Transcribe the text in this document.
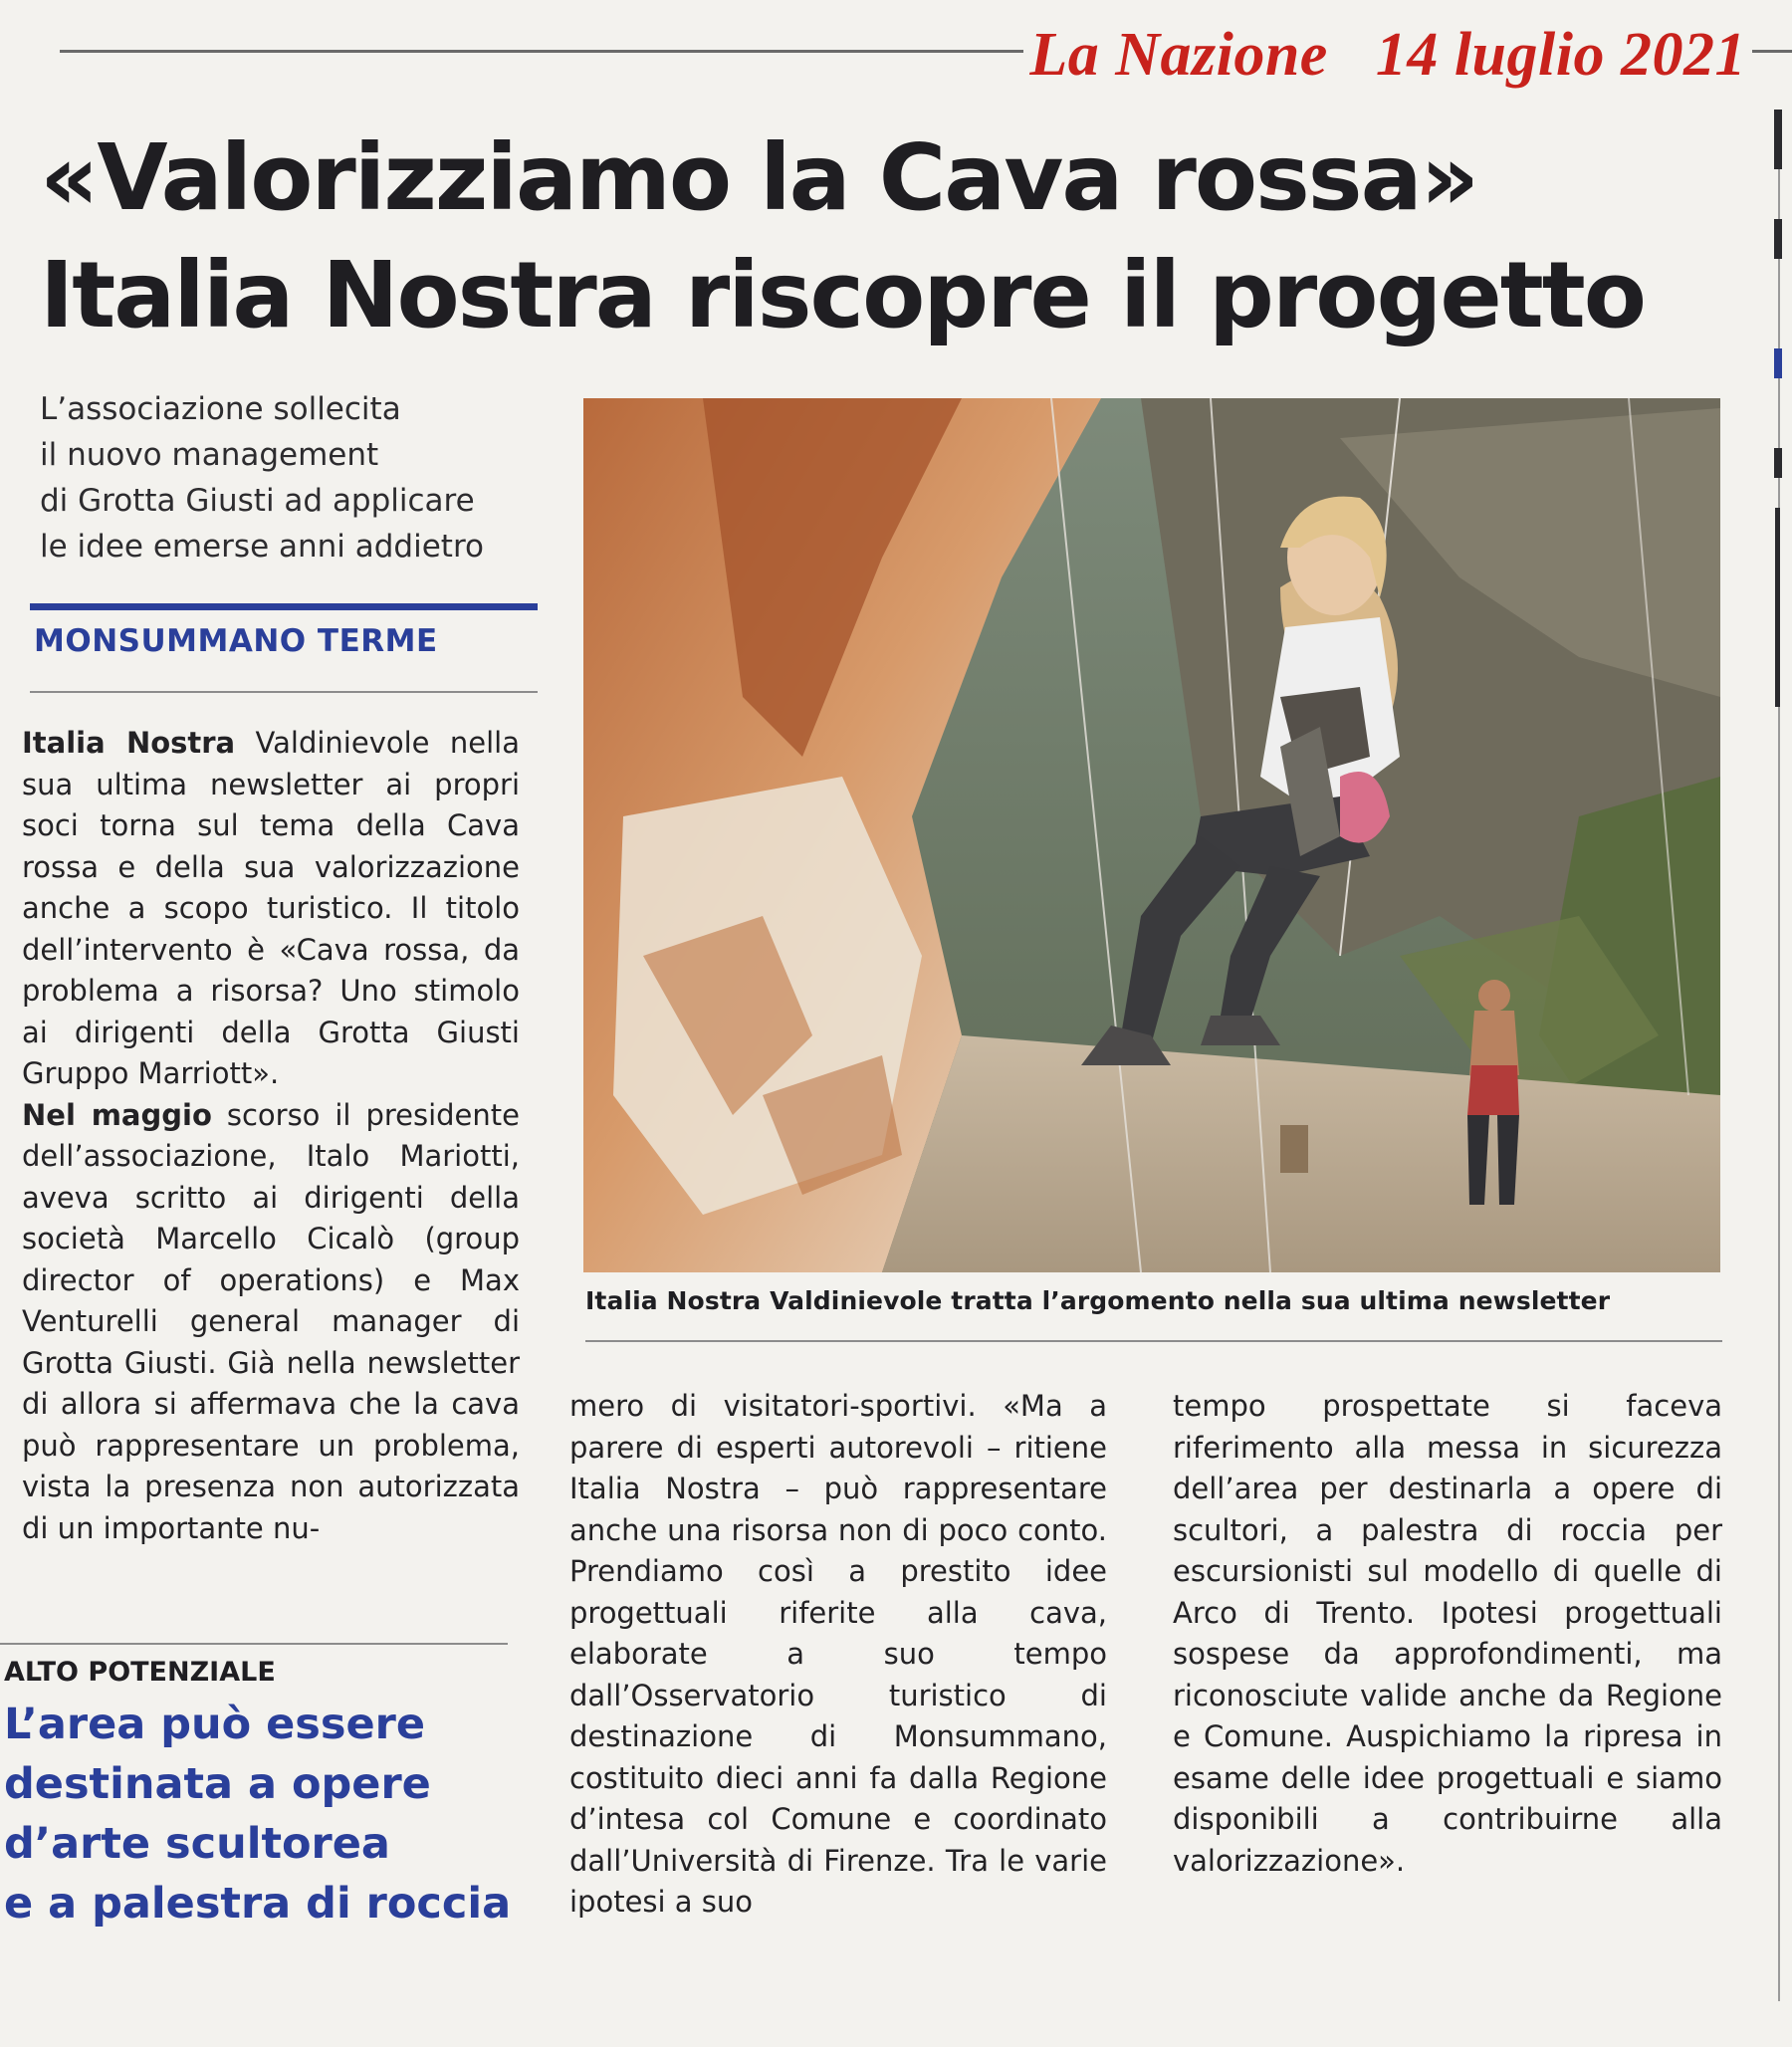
La Nazione   14 luglio 2021
«Valorizziamo la Cava rossa»
Italia Nostra riscopre il progetto
L’associazione sollecita
il nuovo management
di Grotta Giusti ad applicare
le idee emerse anni addietro
MONSUMMANO TERME

Italia Nostra Valdinievole nella sua ultima newsletter ai propri soci torna sul tema della Cava rossa e della sua valorizzazione anche a scopo turistico. Il titolo dell’intervento è «Cava rossa, da problema a risorsa? Uno stimolo ai dirigenti della Grotta Giusti Gruppo Marriott».

Nel maggio scorso il presidente dell’associazione, Italo Mariotti, aveva scritto ai dirigenti della società Marcello Cicalò (group director of operations) e Max Venturelli general manager di Grotta Giusti. Già nella newsletter di allora si affermava che la cava può rappresentare un problema, vista la presenza non autorizzata di un importante nu-

Italia Nostra Valdinievole tratta l’argomento nella sua ultima newsletter

mero di visitatori-sportivi. «Ma a parere di esperti autorevoli – ritiene Italia Nostra – può rappresentare anche una risorsa non di poco conto. Prendiamo così a prestito idee progettuali riferite alla cava, elaborate a suo tempo dall’Osservatorio turistico di destinazione di Monsummano, costituito dieci anni fa dalla Regione d’intesa col Comune e coordinato dall’Università di Firenze. Tra le varie ipotesi a suo

tempo prospettate si faceva riferimento alla messa in sicurezza dell’area per destinarla a opere di scultori, a palestra di roccia per escursionisti sul modello di quelle di Arco di Trento. Ipotesi progettuali sospese da approfondimenti, ma riconosciute valide anche da Regione e Comune. Auspichiamo la ripresa in esame delle idee progettuali e siamo disponibili a contribuirne alla valorizzazione».

ALTO POTENZIALE
L’area può essere
destinata a opere
d’arte scultorea
e a palestra di roccia
